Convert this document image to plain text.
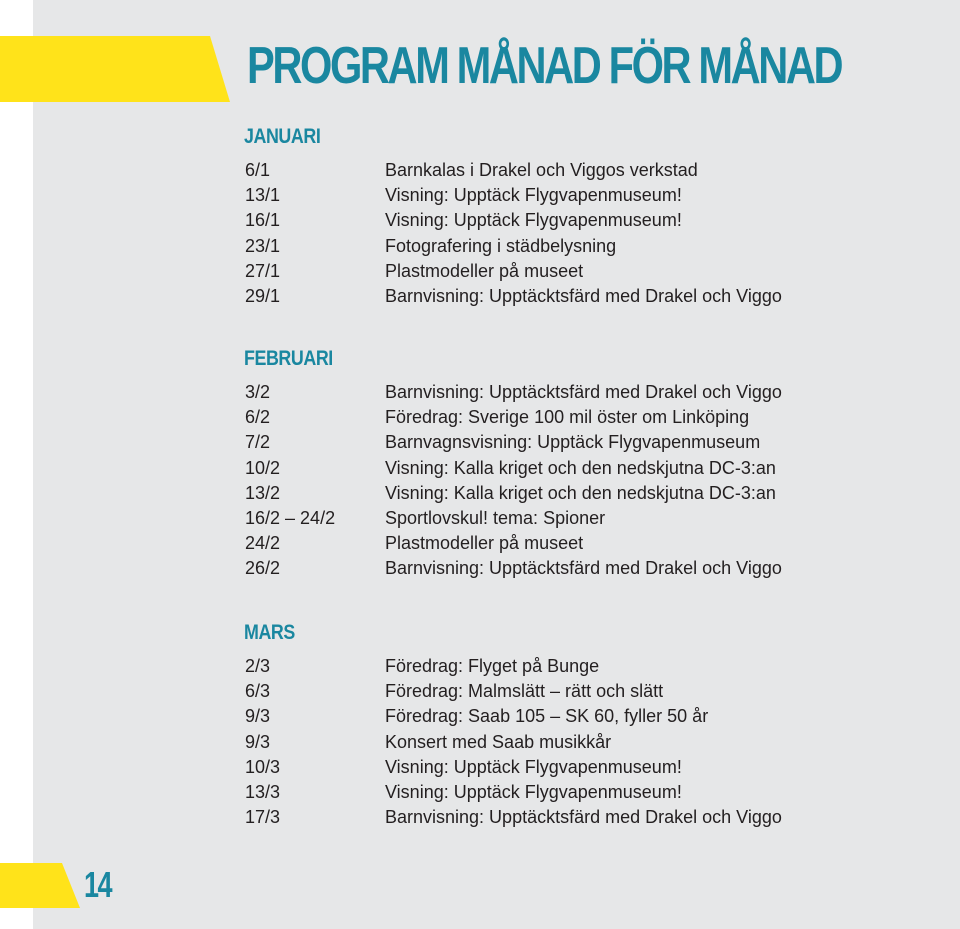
PROGRAM MÅNAD FÖR MÅNAD
JANUARI
6/1	Barnkalas i Drakel och Viggos verkstad
13/1	Visning: Upptäck Flygvapenmuseum!
16/1	Visning: Upptäck Flygvapenmuseum!
23/1	Fotografering i städbelysning
27/1	Plastmodeller på museet
29/1	Barnvisning: Upptäcktsfärd med Drakel och Viggo
FEBRUARI
3/2	Barnvisning: Upptäcktsfärd med Drakel och Viggo
6/2	Föredrag: Sverige 100 mil öster om Linköping
7/2	Barnvagnsvisning: Upptäck Flygvapenmuseum
10/2	Visning: Kalla kriget och den nedskjutna DC-3:an
13/2	Visning: Kalla kriget och den nedskjutna DC-3:an
16/2 – 24/2	Sportlovskul! tema: Spioner
24/2	Plastmodeller på museet
26/2	Barnvisning: Upptäcktsfärd med Drakel och Viggo
MARS
2/3	Föredrag: Flyget på Bunge
6/3	Föredrag: Malmslätt – rätt och slätt
9/3	Föredrag: Saab 105 – SK 60, fyller 50 år
9/3	Konsert med Saab musikkår
10/3	Visning: Upptäck Flygvapenmuseum!
13/3	Visning: Upptäck Flygvapenmuseum!
17/3	Barnvisning: Upptäcktsfärd med Drakel och Viggo
14
